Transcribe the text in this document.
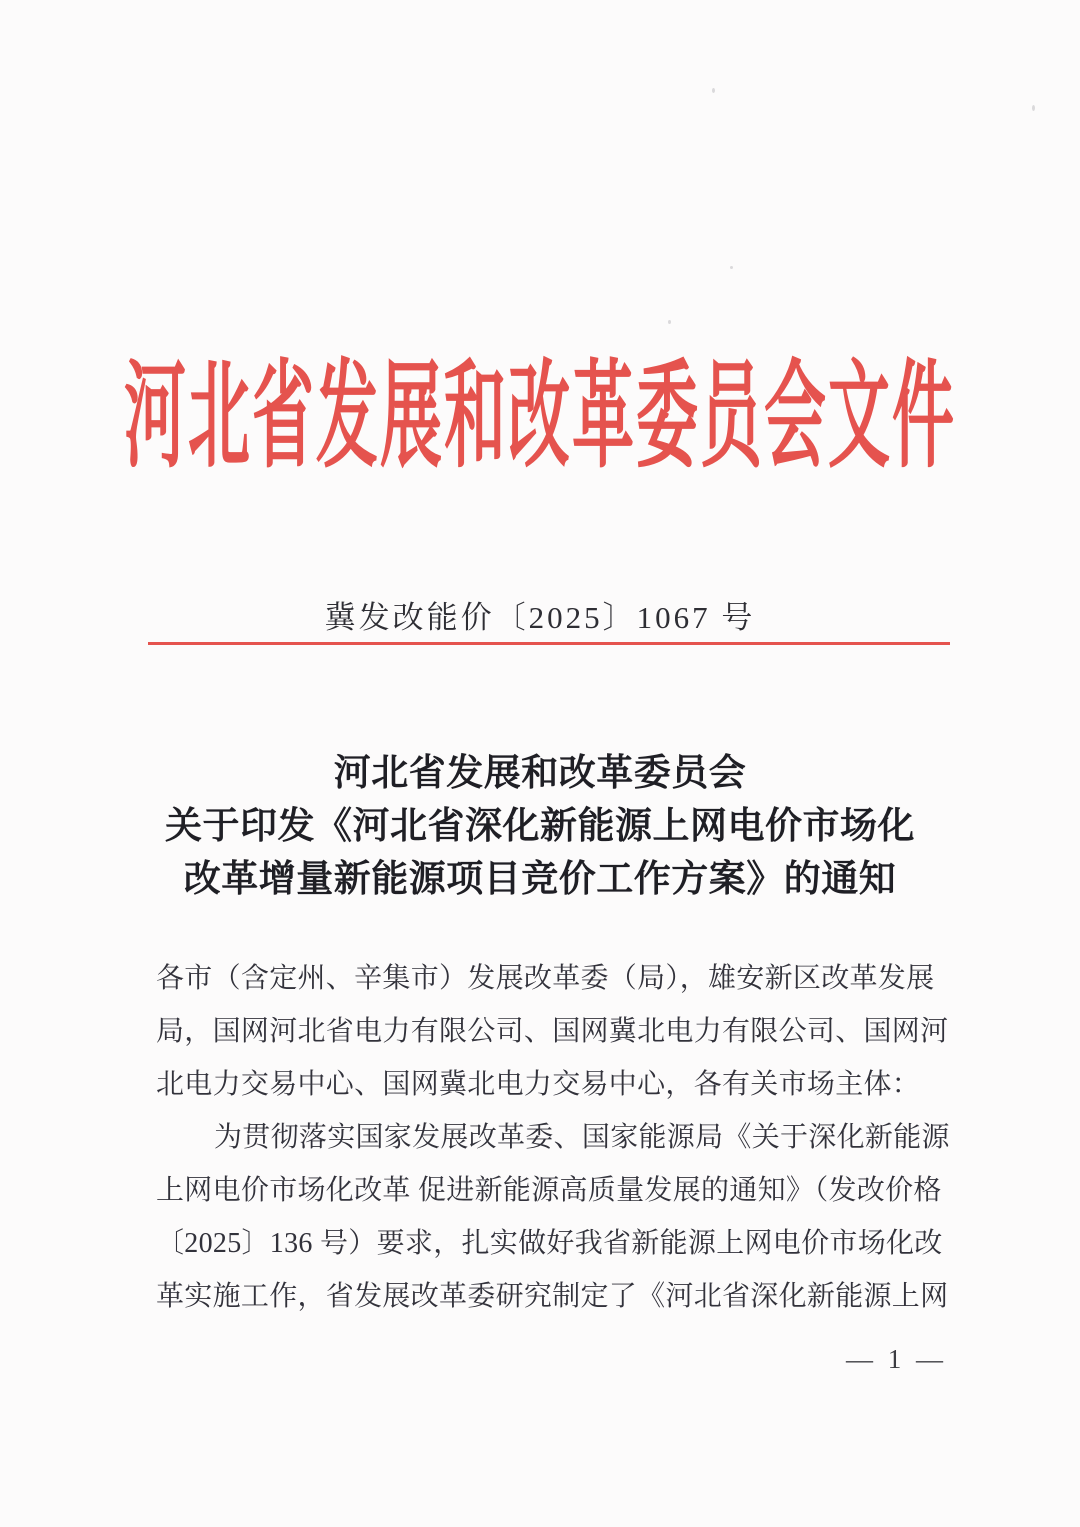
河北省发展和改革委员会文件
冀发改能价〔2025〕1067 号
河北省发展和改革委员会
关于印发《河北省深化新能源上网电价市场化
改革增量新能源项目竞价工作方案》的通知
各市（含定州、辛集市）发展改革委（局），雄安新区改革发展
局，国网河北省电力有限公司、国网冀北电力有限公司、国网河
北电力交易中心、国网冀北电力交易中心，各有关市场主体：
为贯彻落实国家发展改革委、国家能源局《关于深化新能源
上网电价市场化改革 促进新能源高质量发展的通知》（发改价格
〔2025〕136 号）要求，扎实做好我省新能源上网电价市场化改
革实施工作，省发展改革委研究制定了《河北省深化新能源上网
— 1 —
